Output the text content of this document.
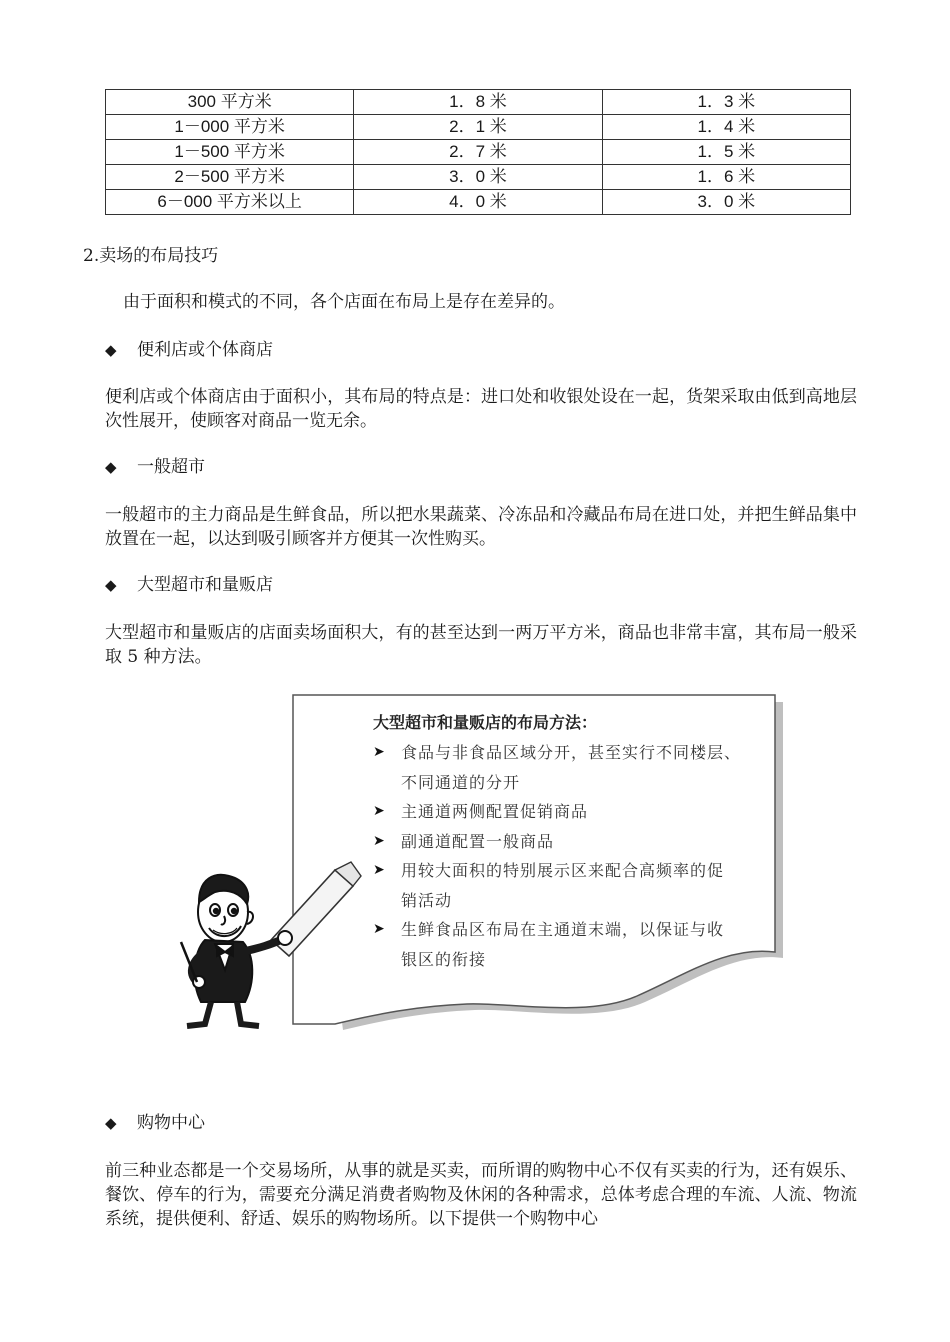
300 平方米	1．8 米	1．3 米
1－000 平方米	2．1 米	1．4 米
1－500 平方米	2．7 米	1．5 米
2－500 平方米	3．0 米	1．6 米
6－000 平方米以上	4．0 米	3．0 米
2.卖场的布局技巧
由于面积和模式的不同，各个店面在布局上是存在差异的。
◆ 便利店或个体商店
便利店或个体商店由于面积小，其布局的特点是：进口处和收银处设在一起，货架采取由低到高地层次性展开，使顾客对商品一览无余。
◆ 一般超市
一般超市的主力商品是生鲜食品，所以把水果蔬菜、冷冻品和冷藏品布局在进口处，并把生鲜品集中放置在一起，以达到吸引顾客并方便其一次性购买。
◆ 大型超市和量贩店
大型超市和量贩店的店面卖场面积大，有的甚至达到一两万平方米，商品也非常丰富，其布局一般采取 5 种方法。
大型超市和量贩店的布局方法：
➤ 食品与非食品区域分开，甚至实行不同楼层、
不同通道的分开
➤ 主通道两侧配置促销商品
➤ 副通道配置一般商品
➤ 用较大面积的特别展示区来配合高频率的促
销活动
➤ 生鲜食品区布局在主通道末端，以保证与收
银区的衔接
◆ 购物中心
前三种业态都是一个交易场所，从事的就是买卖，而所谓的购物中心不仅有买卖的行为，还有娱乐、餐饮、停车的行为，需要充分满足消费者购物及休闲的各种需求，总体考虑合理的车流、人流、物流系统，提供便利、舒适、娱乐的购物场所。以下提供一个购物中心
